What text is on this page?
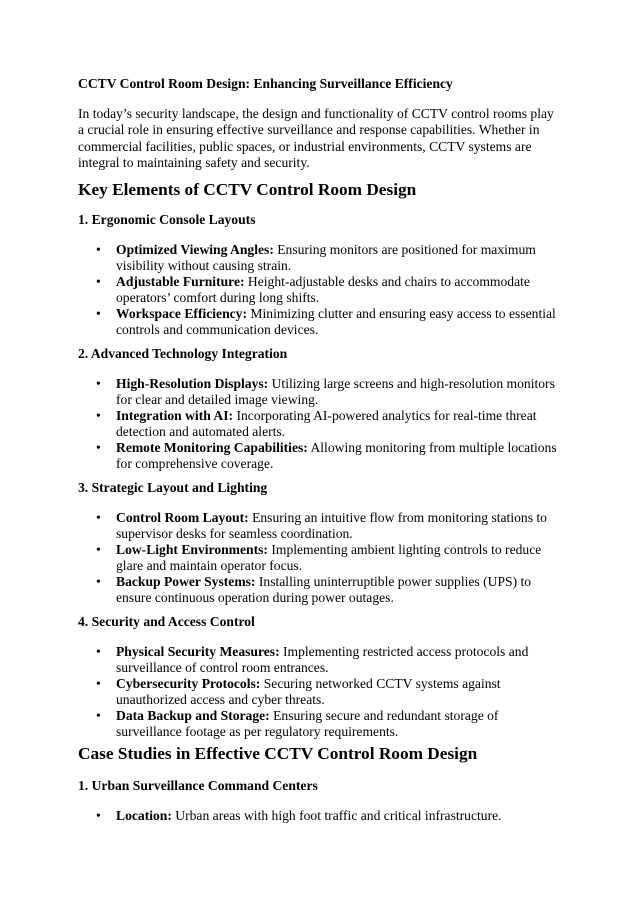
CCTV Control Room Design: Enhancing Surveillance Efficiency

In today’s security landscape, the design and functionality of CCTV control rooms play a crucial role in ensuring effective surveillance and response capabilities. Whether in commercial facilities, public spaces, or industrial environments, CCTV systems are integral to maintaining safety and security.

Key Elements of CCTV Control Room Design
1. Ergonomic Console Layouts
• Optimized Viewing Angles: Ensuring monitors are positioned for maximum visibility without causing strain.
• Adjustable Furniture: Height-adjustable desks and chairs to accommodate operators’ comfort during long shifts.
• Workspace Efficiency: Minimizing clutter and ensuring easy access to essential controls and communication devices.
2. Advanced Technology Integration
• High-Resolution Displays: Utilizing large screens and high-resolution monitors for clear and detailed image viewing.
• Integration with AI: Incorporating AI-powered analytics for real-time threat detection and automated alerts.
• Remote Monitoring Capabilities: Allowing monitoring from multiple locations for comprehensive coverage.
3. Strategic Layout and Lighting
• Control Room Layout: Ensuring an intuitive flow from monitoring stations to supervisor desks for seamless coordination.
• Low-Light Environments: Implementing ambient lighting controls to reduce glare and maintain operator focus.
• Backup Power Systems: Installing uninterruptible power supplies (UPS) to ensure continuous operation during power outages.
4. Security and Access Control
• Physical Security Measures: Implementing restricted access protocols and surveillance of control room entrances.
• Cybersecurity Protocols: Securing networked CCTV systems against unauthorized access and cyber threats.
• Data Backup and Storage: Ensuring secure and redundant storage of surveillance footage as per regulatory requirements.
Case Studies in Effective CCTV Control Room Design
1. Urban Surveillance Command Centers
• Location: Urban areas with high foot traffic and critical infrastructure.
